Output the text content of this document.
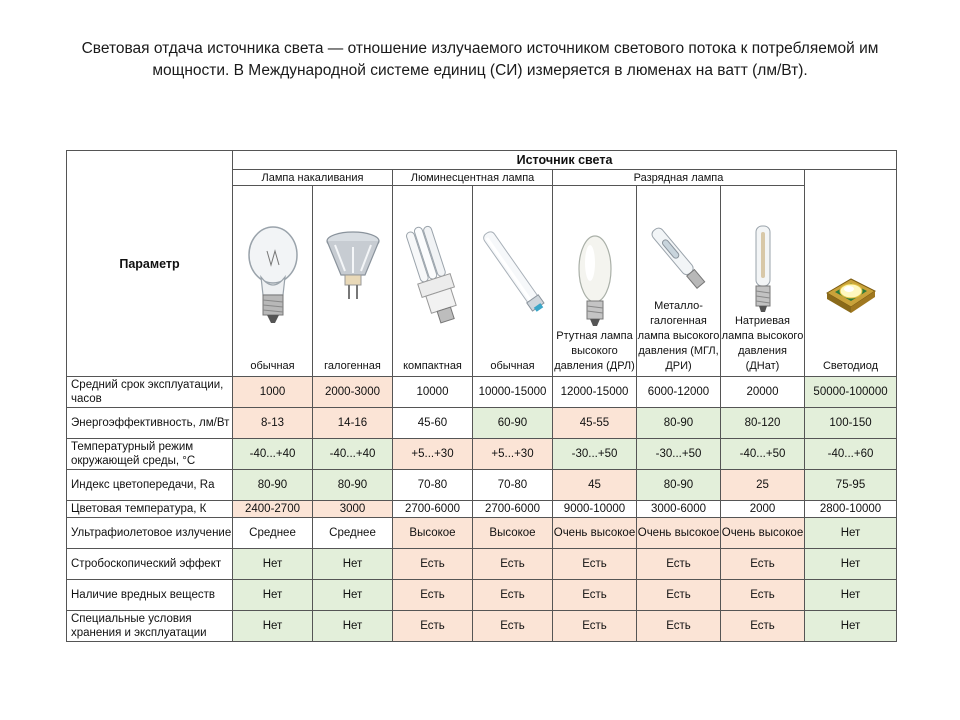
Световая отдача источника света — отношение излучаемого источником светового потока к потребляемой им мощности. В Международной системе единиц (СИ) измеряется в люменах на ватт (лм/Вт).
Параметр	Источник света							
	Лампа накаливания		Люминесцентная лампа		Разрядная лампа			Светодиод

	обычная	галогенная	компактная	обычная	Ртутная лампа высокого давления (ДРЛ)	Металло-галогенная лампа высокого давления (МГЛ, ДРИ)	Натриевая лампа высокого давления (ДНат)	

Средний срок эксплуатации, часов	1000	2000-3000	10000	10000-15000	12000-15000	6000-12000	20000	50000-100000
Энергоэффективность, лм/Вт	8-13	14-16	45-60	60-90	45-55	80-90	80-120	100-150
Температурный режим окружающей среды, °С	-40...+40	-40...+40	+5...+30	+5...+30	-30...+50	-30...+50	-40...+50	-40...+60
Индекс цветопередачи, Ra	80-90	80-90	70-80	70-80	45	80-90	25	75-95
Цветовая температура, К	2400-2700	3000	2700-6000	2700-6000	9000-10000	3000-6000	2000	2800-10000
Ультрафиолетовое излучение	Среднее	Среднее	Высокое	Высокое	Очень высокое	Очень высокое	Очень высокое	Нет
Стробоскопический эффект	Нет	Нет	Есть	Есть	Есть	Есть	Есть	Нет
Наличие вредных веществ	Нет	Нет	Есть	Есть	Есть	Есть	Есть	Нет
Специальные условия хранения и эксплуатации	Нет	Нет	Есть	Есть	Есть	Есть	Есть	Нет
